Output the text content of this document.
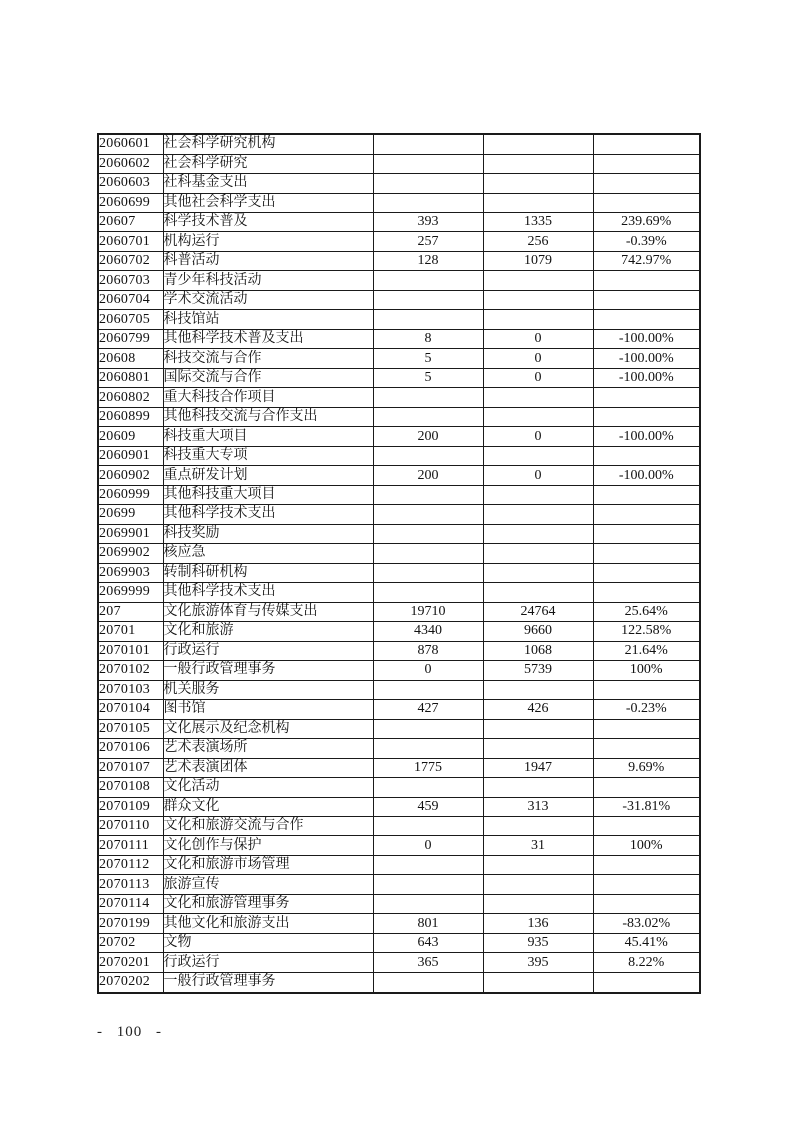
2060601	社会科学研究机构			
2060602	社会科学研究			
2060603	社科基金支出			
2060699	其他社会科学支出			
20607	科学技术普及	393	1335	239.69%
2060701	机构运行	257	256	-0.39%
2060702	科普活动	128	1079	742.97%
2060703	青少年科技活动			
2060704	学术交流活动			
2060705	科技馆站			
2060799	其他科学技术普及支出	8	0	-100.00%
20608	科技交流与合作	5	0	-100.00%
2060801	国际交流与合作	5	0	-100.00%
2060802	重大科技合作项目			
2060899	其他科技交流与合作支出			
20609	科技重大项目	200	0	-100.00%
2060901	科技重大专项			
2060902	重点研发计划	200	0	-100.00%
2060999	其他科技重大项目			
20699	其他科学技术支出			
2069901	科技奖励			
2069902	核应急			
2069903	转制科研机构			
2069999	其他科学技术支出			
207	文化旅游体育与传媒支出	19710	24764	25.64%
20701	文化和旅游	4340	9660	122.58%
2070101	行政运行	878	1068	21.64%
2070102	一般行政管理事务	0	5739	100%
2070103	机关服务			
2070104	图书馆	427	426	-0.23%
2070105	文化展示及纪念机构			
2070106	艺术表演场所			
2070107	艺术表演团体	1775	1947	9.69%
2070108	文化活动			
2070109	群众文化	459	313	-31.81%
2070110	文化和旅游交流与合作			
2070111	文化创作与保护	0	31	100%
2070112	文化和旅游市场管理			
2070113	旅游宣传			
2070114	文化和旅游管理事务			
2070199	其他文化和旅游支出	801	136	-83.02%
20702	文物	643	935	45.41%
2070201	行政运行	365	395	8.22%
2070202	一般行政管理事务			
- 100 -
